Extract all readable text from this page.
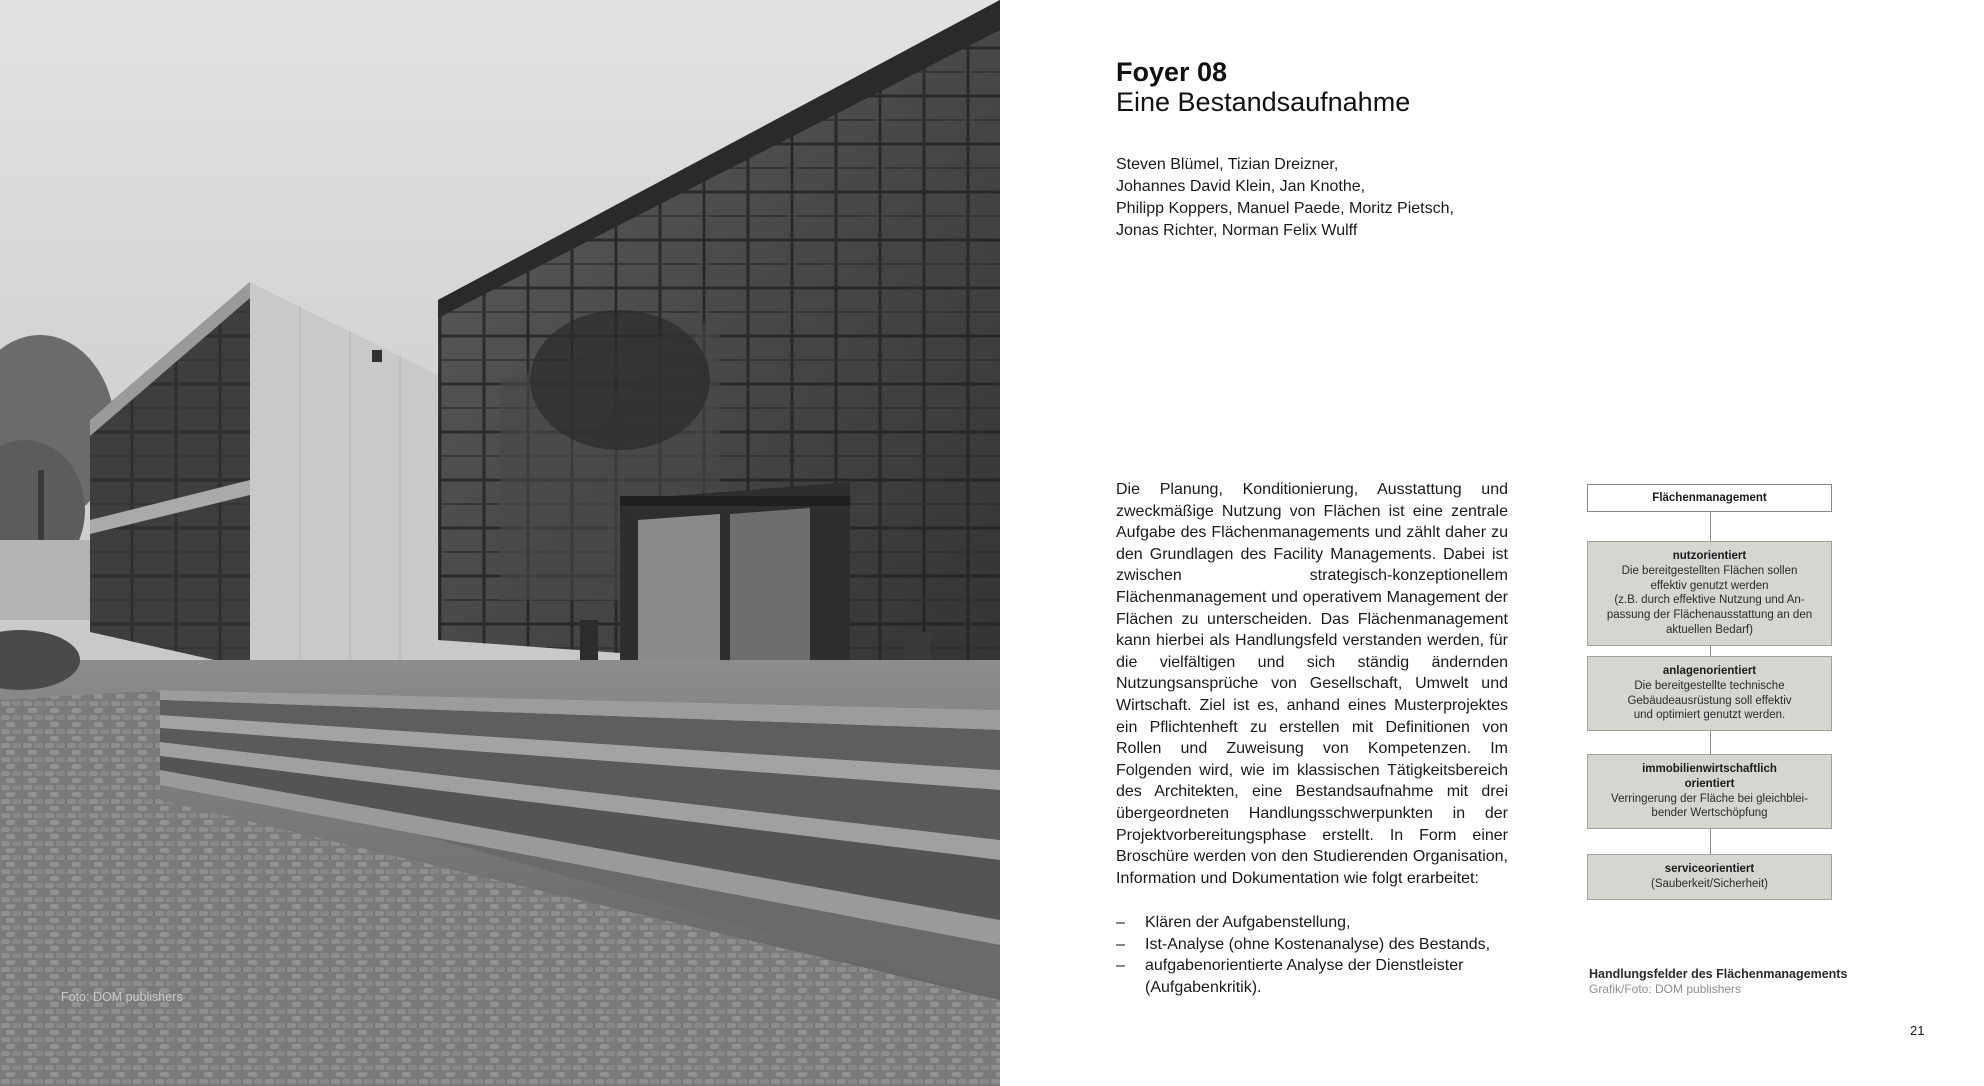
Foto: DOM publishers
Foyer 08
Eine Bestandsaufnahme
Steven Blümel, Tizian Dreizner,
Johannes David Klein, Jan Knothe,
Philipp Koppers, Manuel Paede, Moritz Pietsch,
Jonas Richter, Norman Felix Wulff

Die Planung, Konditionierung, Ausstattung und zweckmäßige Nutzung von Flächen ist eine zentrale Aufgabe des Flächenmanagements und zählt daher zu den Grundlagen des Facility Managements. Dabei ist zwischen strategisch-konzeptionellem Flächenmanagement und operativem Management der Flächen zu unterscheiden. Das Flächenmanagement kann hierbei als Handlungsfeld verstanden werden, für die vielfältigen und sich ständig ändernden Nutzungsansprüche von Gesellschaft, Umwelt und Wirtschaft. Ziel ist es, anhand eines Musterprojektes ein Pflichtenheft zu erstellen mit Definitionen von Rollen und Zuweisung von Kompetenzen. Im Folgenden wird, wie im klassischen Tätigkeitsbereich des Architekten, eine Bestandsaufnahme mit drei übergeordneten Handlungsschwerpunkten in der Projektvorbereitungsphase erstellt. In Form einer Broschüre werden von den Studierenden Organisation, Information und Dokumentation wie folgt erarbeitet:

– Klären der Aufgabenstellung,
– Ist-Analyse (ohne Kostenanalyse) des Bestands,
– aufgabenorientierte Analyse der Dienstleister (Aufgabenkritik).
Flächenmanagement
nutzorientiert
Die bereitgestellten Flächen sollen
effektiv genutzt werden
(z.B. durch effektive Nutzung und An-
passung der Flächenausstattung an den
aktuellen Bedarf)
anlagenorientiert
Die bereitgestellte technische
Gebäudeausrüstung soll effektiv
und optimiert genutzt werden.
immobilienwirtschaftlich orientiert
Verringerung der Fläche bei gleichblei-
bender Wertschöpfung
serviceorientiert
(Sauberkeit/Sicherheit)
Handlungsfelder des Flächenmanagements
Grafik/Foto: DOM publishers
21
